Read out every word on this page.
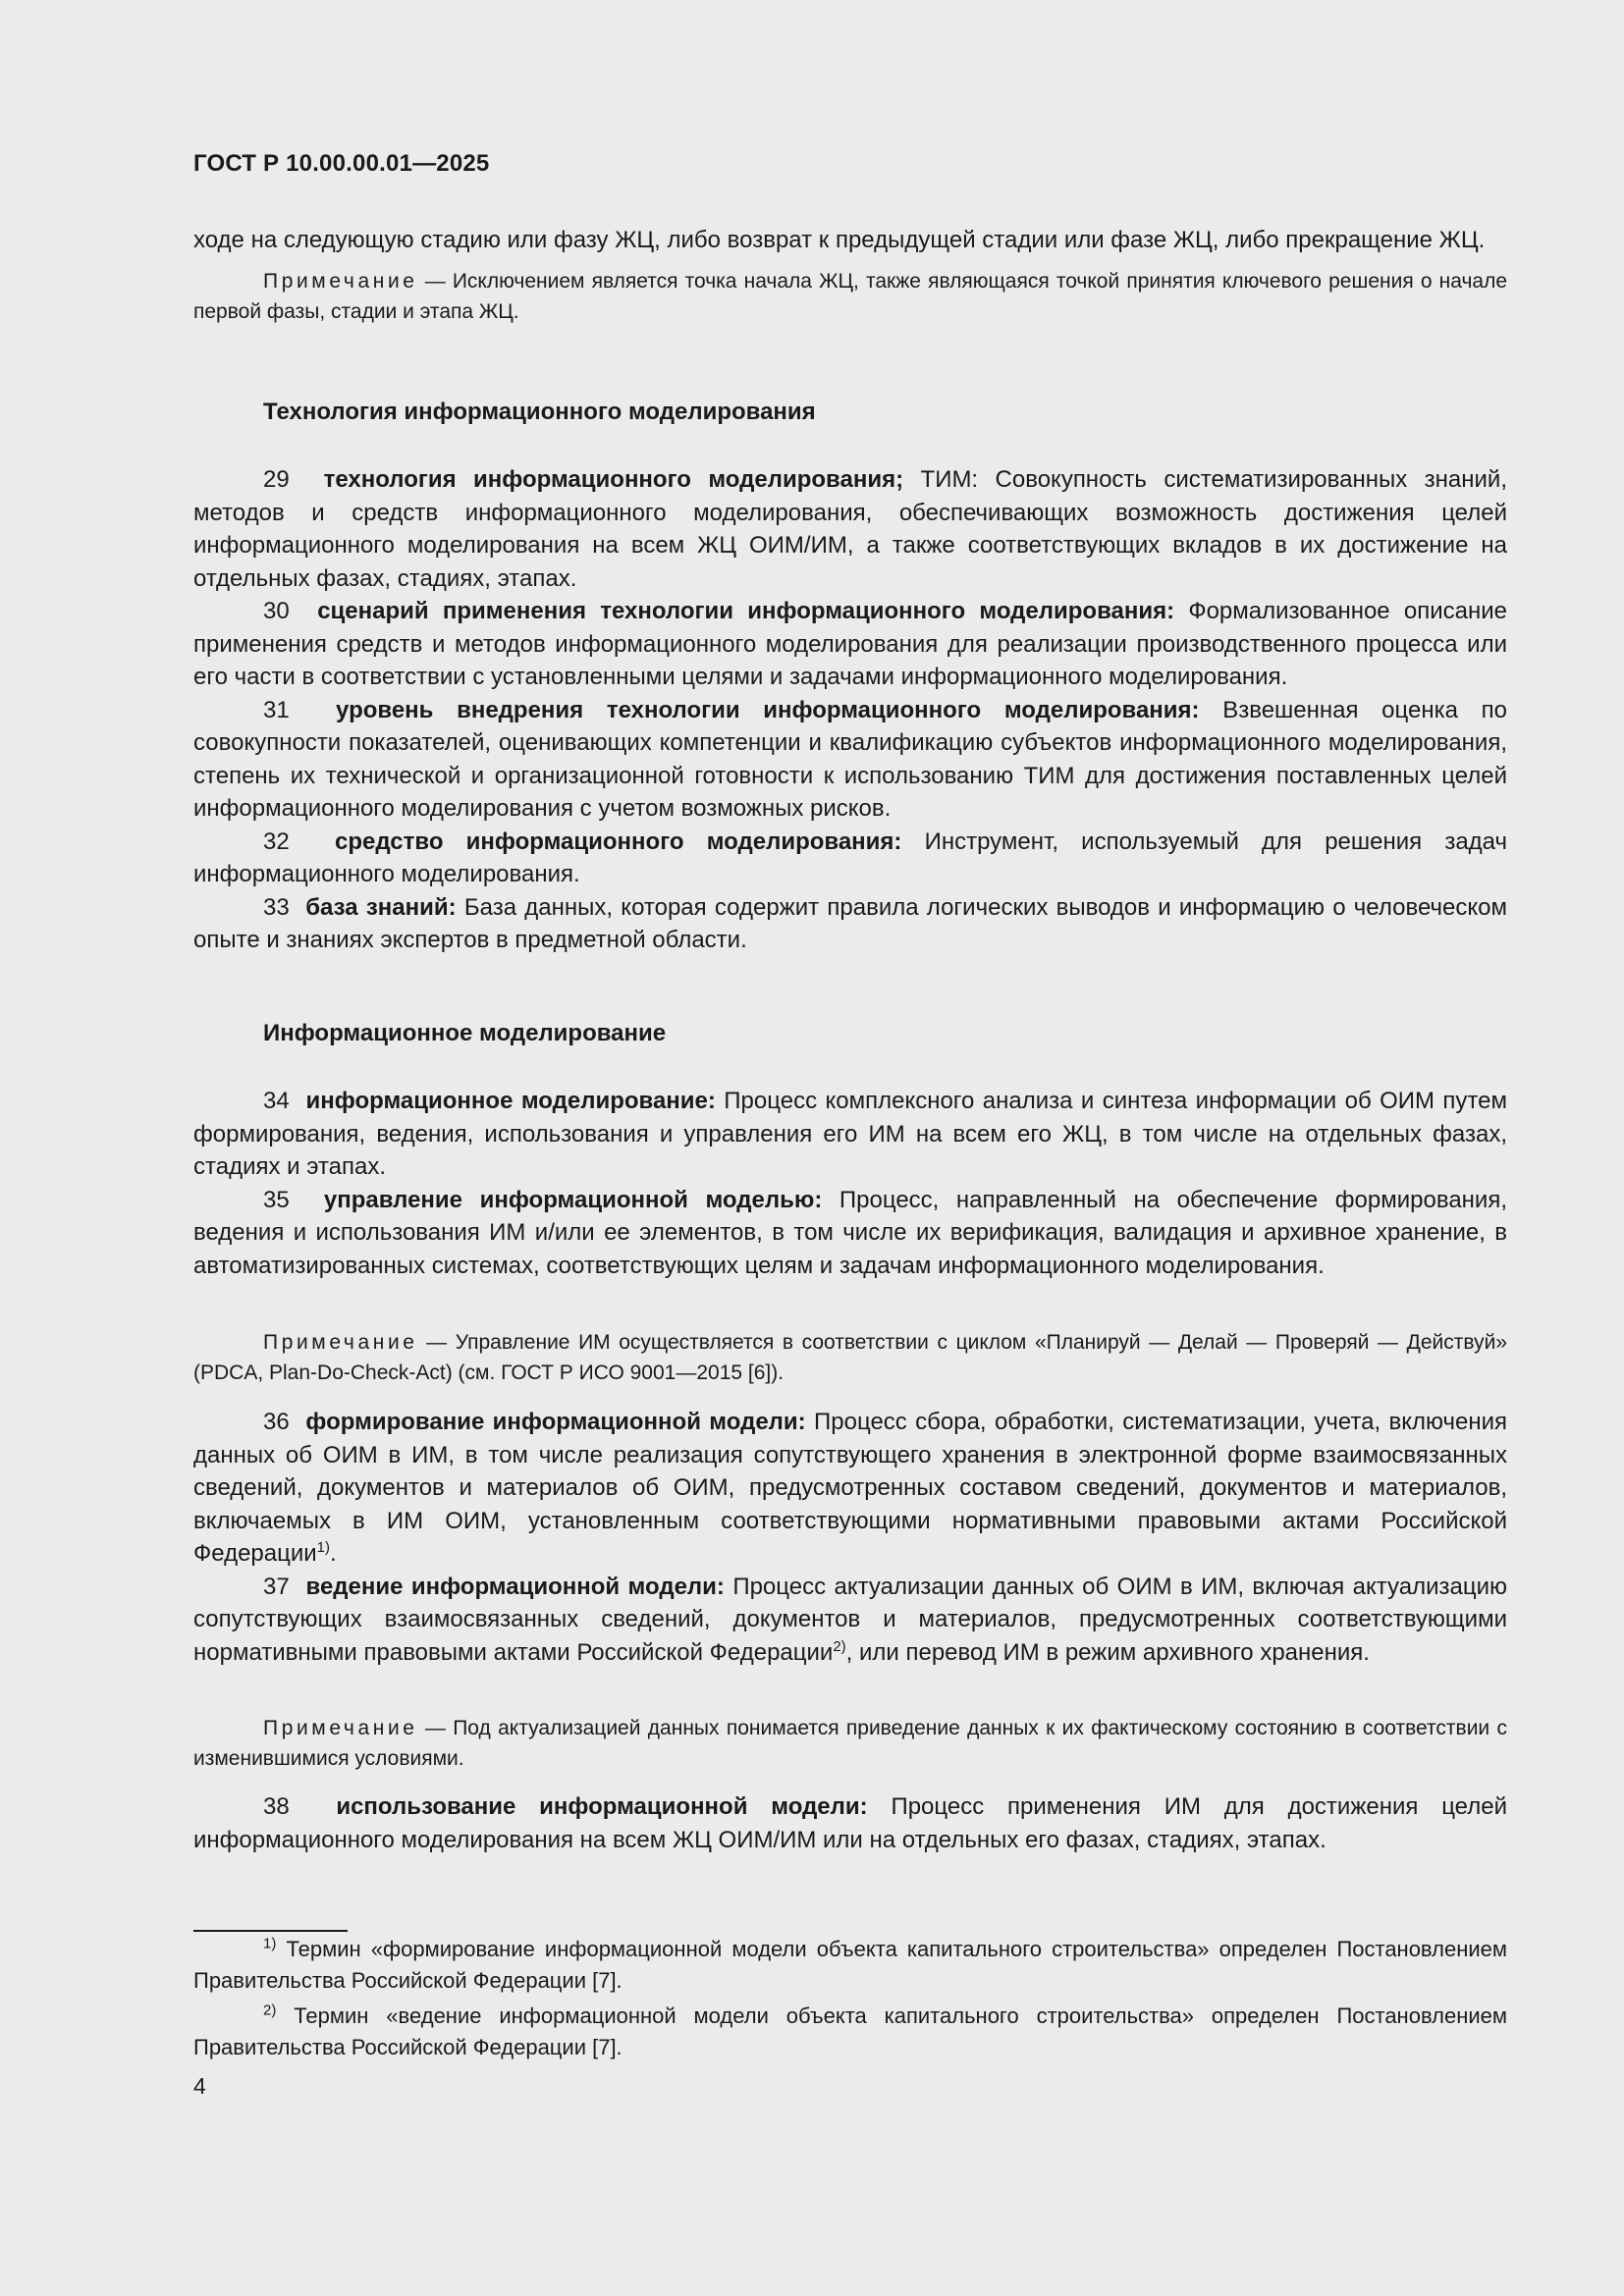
ГОСТ Р 10.00.00.01—2025

ходе на следующую стадию или фазу ЖЦ, либо возврат к предыдущей стадии или фазе ЖЦ, либо прекращение ЖЦ.

Примечание — Исключением является точка начала ЖЦ, также являющаяся точкой принятия ключевого решения о начале первой фазы, стадии и этапа ЖЦ.

Технология информационного моделирования

29 технология информационного моделирования; ТИМ: Совокупность систематизированных знаний, методов и средств информационного моделирования, обеспечивающих возможность достижения целей информационного моделирования на всем ЖЦ ОИМ/ИМ, а также соответствующих вкладов в их достижение на отдельных фазах, стадиях, этапах.

30 сценарий применения технологии информационного моделирования: Формализованное описание применения средств и методов информационного моделирования для реализации производственного процесса или его части в соответствии с установленными целями и задачами информационного моделирования.

31 уровень внедрения технологии информационного моделирования: Взвешенная оценка по совокупности показателей, оценивающих компетенции и квалификацию субъектов информационного моделирования, степень их технической и организационной готовности к использованию ТИМ для достижения поставленных целей информационного моделирования с учетом возможных рисков.

32 средство информационного моделирования: Инструмент, используемый для решения задач информационного моделирования.

33 база знаний: База данных, которая содержит правила логических выводов и информацию о человеческом опыте и знаниях экспертов в предметной области.

Информационное моделирование

34 информационное моделирование: Процесс комплексного анализа и синтеза информации об ОИМ путем формирования, ведения, использования и управления его ИМ на всем его ЖЦ, в том числе на отдельных фазах, стадиях и этапах.

35 управление информационной моделью: Процесс, направленный на обеспечение формирования, ведения и использования ИМ и/или ее элементов, в том числе их верификация, валидация и архивное хранение, в автоматизированных системах, соответствующих целям и задачам информационного моделирования.

Примечание — Управление ИМ осуществляется в соответствии с циклом «Планируй — Делай — Проверяй — Действуй» (PDCA, Plan-Do-Check-Act) (см. ГОСТ Р ИСО 9001—2015 [6]).

36 формирование информационной модели: Процесс сбора, обработки, систематизации, учета, включения данных об ОИМ в ИМ, в том числе реализация сопутствующего хранения в электронной форме взаимосвязанных сведений, документов и материалов об ОИМ, предусмотренных составом сведений, документов и материалов, включаемых в ИМ ОИМ, установленным соответствующими нормативными правовыми актами Российской Федерации$^{1)}$.

37 ведение информационной модели: Процесс актуализации данных об ОИМ в ИМ, включая актуализацию сопутствующих взаимосвязанных сведений, документов и материалов, предусмотренных соответствующими нормативными правовыми актами Российской Федерации$^{2)}$, или перевод ИМ в режим архивного хранения.

Примечание — Под актуализацией данных понимается приведение данных к их фактическому состоянию в соответствии с изменившимися условиями.

38 использование информационной модели: Процесс применения ИМ для достижения целей информационного моделирования на всем ЖЦ ОИМ/ИМ или на отдельных его фазах, стадиях, этапах.

$^{1)}$ Термин «формирование информационной модели объекта капитального строительства» определен Постановлением Правительства Российской Федерации [7].

$^{2)}$ Термин «ведение информационной модели объекта капитального строительства» определен Постановлением Правительства Российской Федерации [7].

4
